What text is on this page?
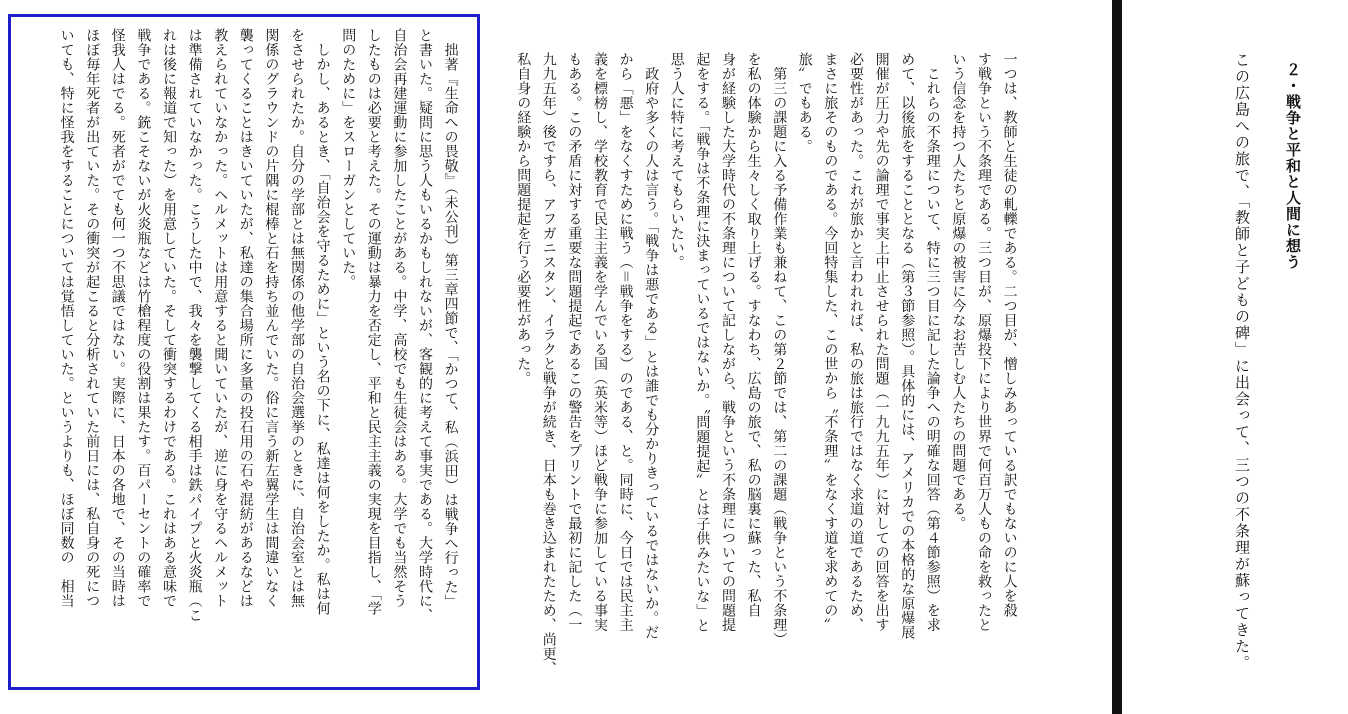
２・戦争と平和と人間に想う
この広島への旅で、「教師と子どもの碑」に出会って、三つの不条理が蘇ってきた。
一つは、教師と生徒の軋轢である。二つ目が、憎しみあっている訳でもないのに人を殺
す戦争という不条理である。三つ目が、原爆投下により世界で何百万人もの命を救ったと
いう信念を持つ人たちと原爆の被害に今なお苦しむ人たちの問題である。
　これらの不条理について、特に三つ目に記した論争への明確な回答（第４節参照）を求
めて、以後旅をすることとなる（第３節参照）。具体的には、アメリカでの本格的な原爆展
開催が圧力や先の論理で事実上中止させられた問題（一九九五年）に対しての回答を出す
必要性があった。これが旅かと言われれば、私の旅は旅行ではなく求道の道であるため、
まさに旅そのものである。今回特集した、この世から〝不条理〟をなくす道を求めての〟
旅〟でもある。
　第三の課題に入る予備作業も兼ねて、この第２節では、第二の課題（戦争という不条理）
を私の体験から生々しく取り上げる。すなわち、広島の旅で、私の脳裏に蘇った、私自
身が経験した大学時代の不条理について記しながら、戦争という不条理についての問題提
起をする。「戦争は不条理に決まっているではないか。〝問題提起〟とは子供みたいな」と
思う人に特に考えてもらいたい。
　政府や多くの人は言う。「戦争は悪である」とは誰でも分かりきっているではないか。だ
から「悪」をなくすために戦う（＝戦争をする）のである、と。同時に、今日では民主主
義を標榜し、学校教育で民主主義を学んでいる国（英米等）ほど戦争に参加している事実
もある。この矛盾に対する重要な問題提起であるこの警告をプリントで最初に記した（一
九九五年）後ですら、アフガニスタン、イラクと戦争が続き、日本も巻き込まれたため、尚更、
私自身の経験から問題提起を行う必要性があった。
　拙著『生命への畏敬』（未公刊）第三章四節で、「かつて、私（浜田）は戦争へ行った」
と書いた。疑問に思う人もいるかもしれないが、客観的に考えて事実である。大学時代に、
自治会再建運動に参加したことがある。中学、高校でも生徒会はある。大学でも当然そう
したものは必要と考えた。その運動は暴力を否定し、平和と民主主義の実現を目指し、「学
問のために」をスローガンとしていた。
　しかし、あるとき、「自治会を守るために」という名の下に、私達は何をしたか。私は何
をさせられたか。自分の学部とは無関係の他学部の自治会選挙のときに、自治会室とは無
関係のグラウンドの片隅に棍棒と石を持ち並んでいた。俗に言う新左翼学生は間違いなく
襲ってくることはきいていたが、私達の集合場所に多量の投石用の石や混紡があるなどは
教えられていなかった。ヘルメットは用意すると聞いていたが、逆に身を守るヘルメット
は準備されていなかった。こうした中で、我々を襲撃してくる相手は鉄パイプと火炎瓶（こ
れは後に報道で知った）を用意していた。そして衝突するわけである。これはある意味で
戦争である。銃こそないが火炎瓶などは竹槍程度の役割は果たす。百パーセントの確率で
怪我人はでる。死者がでても何一つ不思議ではない。実際に、日本の各地で、その当時は
ほぼ毎年死者が出ていた。その衝突が起こると分析されていた前日には、私自身の死につ
いても、特に怪我をすることについては覚悟していた。というよりも、ほぼ同数の　相当
